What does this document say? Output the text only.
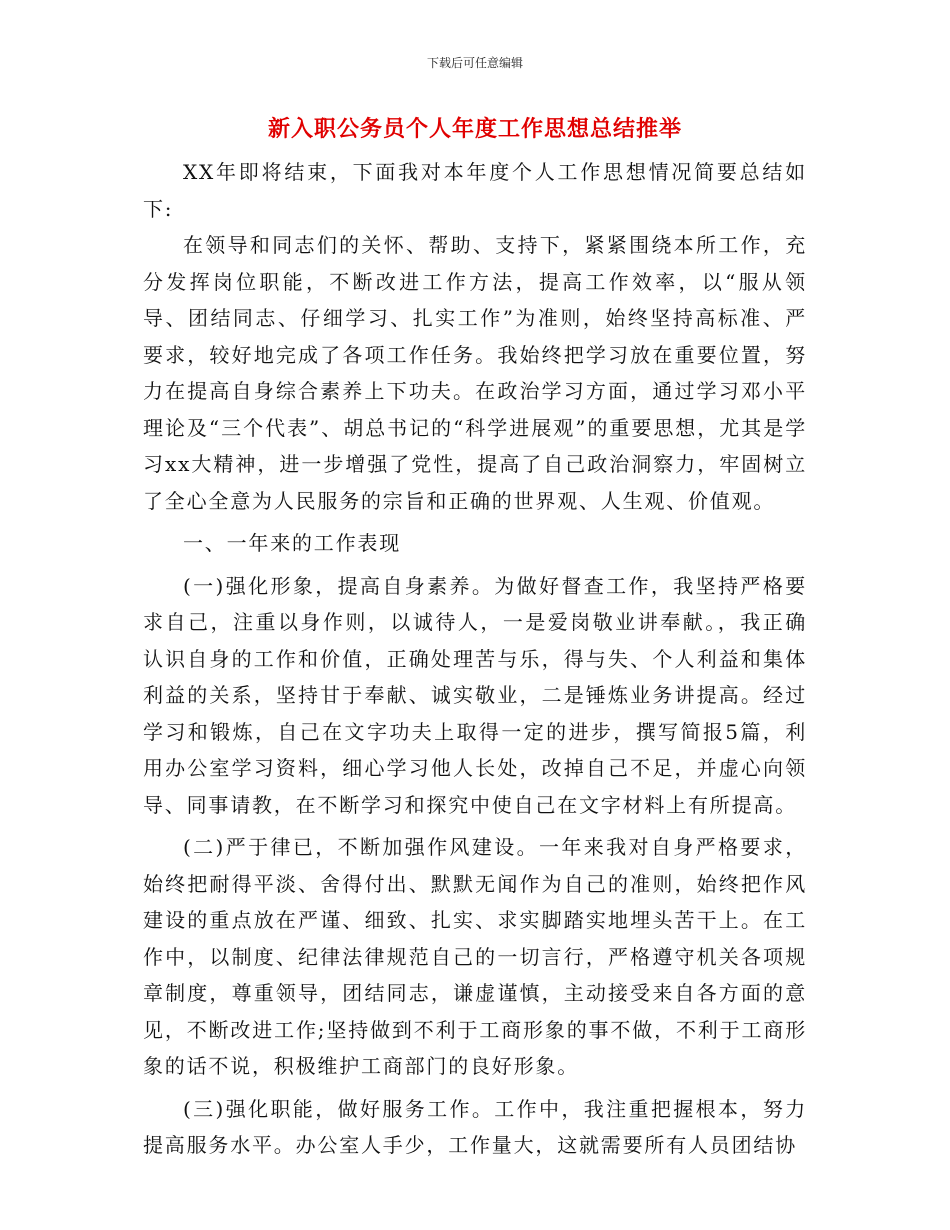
下载后可任意编辑
新入职公务员个人年度工作思想总结推举

XX年即将结束，下面我对本年度个人工作思想情况简要总结如下:

在领导和同志们的关怀、帮助、支持下，紧紧围绕本所工作，充分发挥岗位职能，不断改进工作方法，提高工作效率，以“服从领导、团结同志、仔细学习、扎实工作”为准则，始终坚持高标准、严要求，较好地完成了各项工作任务。我始终把学习放在重要位置，努力在提高自身综合素养上下功夫。在政治学习方面，通过学习邓小平理论及“三个代表”、胡总书记的“科学进展观”的重要思想，尤其是学习xx大精神，进一步增强了党性，提高了自己政治洞察力，牢固树立了全心全意为人民服务的宗旨和正确的世界观、人生观、价值观。

一、一年来的工作表现

(一)强化形象，提高自身素养。为做好督查工作，我坚持严格要求自己，注重以身作则，以诚待人，一是爱岗敬业讲奉献。，我正确认识自身的工作和价值，正确处理苦与乐，得与失、个人利益和集体利益的关系，坚持甘于奉献、诚实敬业，二是锤炼业务讲提高。经过学习和锻炼，自己在文字功夫上取得一定的进步，撰写简报5篇，利用办公室学习资料，细心学习他人长处，改掉自己不足，并虚心向领导、同事请教，在不断学习和探究中使自己在文字材料上有所提高。

(二)严于律已，不断加强作风建设。一年来我对自身严格要求，始终把耐得平淡、舍得付出、默默无闻作为自己的准则，始终把作风建设的重点放在严谨、细致、扎实、求实脚踏实地埋头苦干上。在工作中，以制度、纪律法律规范自己的一切言行，严格遵守机关各项规章制度，尊重领导，团结同志，谦虚谨慎，主动接受来自各方面的意见，不断改进工作;坚持做到不利于工商形象的事不做，不利于工商形象的话不说，积极维护工商部门的良好形象。

(三)强化职能，做好服务工作。工作中，我注重把握根本，努力提高服务水平。办公室人手少，工作量大，这就需要所有人员团结协
